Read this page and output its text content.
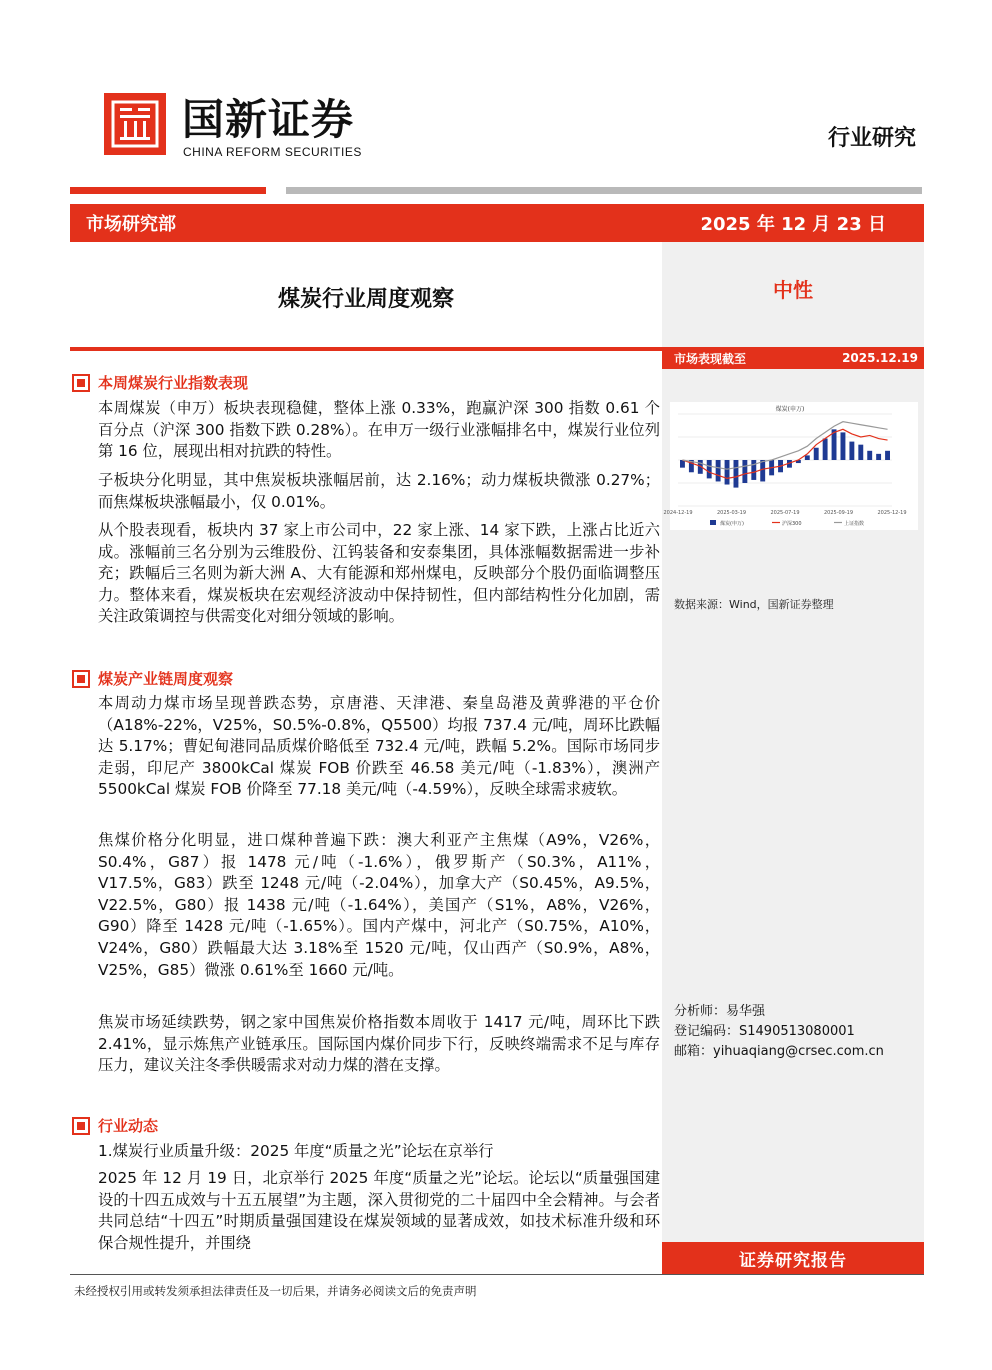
国新证券
CHINA REFORM SECURITIES
行业研究
市场研究部	2025 年 12 月 23 日
中性
市场表现截至	2025.12.19
煤炭(申万)
2024-12-19	2025-03-19	2025-07-19	2025-09-19	2025-12-19
煤炭(申万)	沪深300	上证指数
数据来源：Wind，国新证券整理
分析师：易华强
登记编码：S1490513080001
邮箱：yihuaqiang@crsec.com.cn
煤炭行业周度观察
本周煤炭行业指数表现
本周煤炭（申万）板块表现稳健，整体上涨 0.33%，跑赢沪深 300 指数 0.61 个百分点（沪深 300 指数下跌 0.28%）。在申万一级行业涨幅排名中，煤炭行业位列第 16 位，展现出相对抗跌的特性。
子板块分化明显，其中焦炭板块涨幅居前，达 2.16%；动力煤板块微涨 0.27%；而焦煤板块涨幅最小，仅 0.01%。
从个股表现看，板块内 37 家上市公司中，22 家上涨、14 家下跌，上涨占比近六成。涨幅前三名分别为云维股份、江钨装备和安泰集团，具体涨幅数据需进一步补充；跌幅后三名则为新大洲 A、大有能源和郑州煤电，反映部分个股仍面临调整压力。整体来看，煤炭板块在宏观经济波动中保持韧性，但内部结构性分化加剧，需关注政策调控与供需变化对细分领域的影响。
煤炭产业链周度观察
本周动力煤市场呈现普跌态势，京唐港、天津港、秦皇岛港及黄骅港的平仓价（A18%-22%，V25%，S0.5%-0.8%，Q5500）均报 737.4 元/吨，周环比跌幅达 5.17%；曹妃甸港同品质煤价略低至 732.4 元/吨，跌幅 5.2%。国际市场同步走弱，印尼产 3800kCal 煤炭 FOB 价跌至 46.58 美元/吨（-1.83%），澳洲产 5500kCal 煤炭 FOB 价降至 77.18 美元/吨（-4.59%），反映全球需求疲软。
焦煤价格分化明显，进口煤种普遍下跌：澳大利亚产主焦煤（A9%，V26%，S0.4%，G87）报 1478 元/吨（-1.6%），俄罗斯产（S0.3%，A11%，V17.5%，G83）跌至 1248 元/吨（-2.04%），加拿大产（S0.45%，A9.5%，V22.5%，G80）报 1438 元/吨（-1.64%），美国产（S1%，A8%，V26%，G90）降至 1428 元/吨（-1.65%）。国内产煤中，河北产（S0.75%，A10%，V24%，G80）跌幅最大达 3.18%至 1520 元/吨，仅山西产（S0.9%，A8%，V25%，G85）微涨 0.61%至 1660 元/吨。
焦炭市场延续跌势，钢之家中国焦炭价格指数本周收于 1417 元/吨，周环比下跌 2.41%，显示炼焦产业链承压。国际国内煤价同步下行，反映终端需求不足与库存压力，建议关注冬季供暖需求对动力煤的潜在支撑。
行业动态
1.煤炭行业质量升级：2025 年度“质量之光”论坛在京举行
2025 年 12 月 19 日，北京举行 2025 年度“质量之光”论坛。论坛以“质量强国建设的十四五成效与十五五展望”为主题，深入贯彻党的二十届四中全会精神。与会者共同总结“十四五”时期质量强国建设在煤炭领域的显著成效，如技术标准升级和环保合规性提升，并围绕
证券研究报告
未经授权引用或转发须承担法律责任及一切后果，并请务必阅读文后的免责声明
